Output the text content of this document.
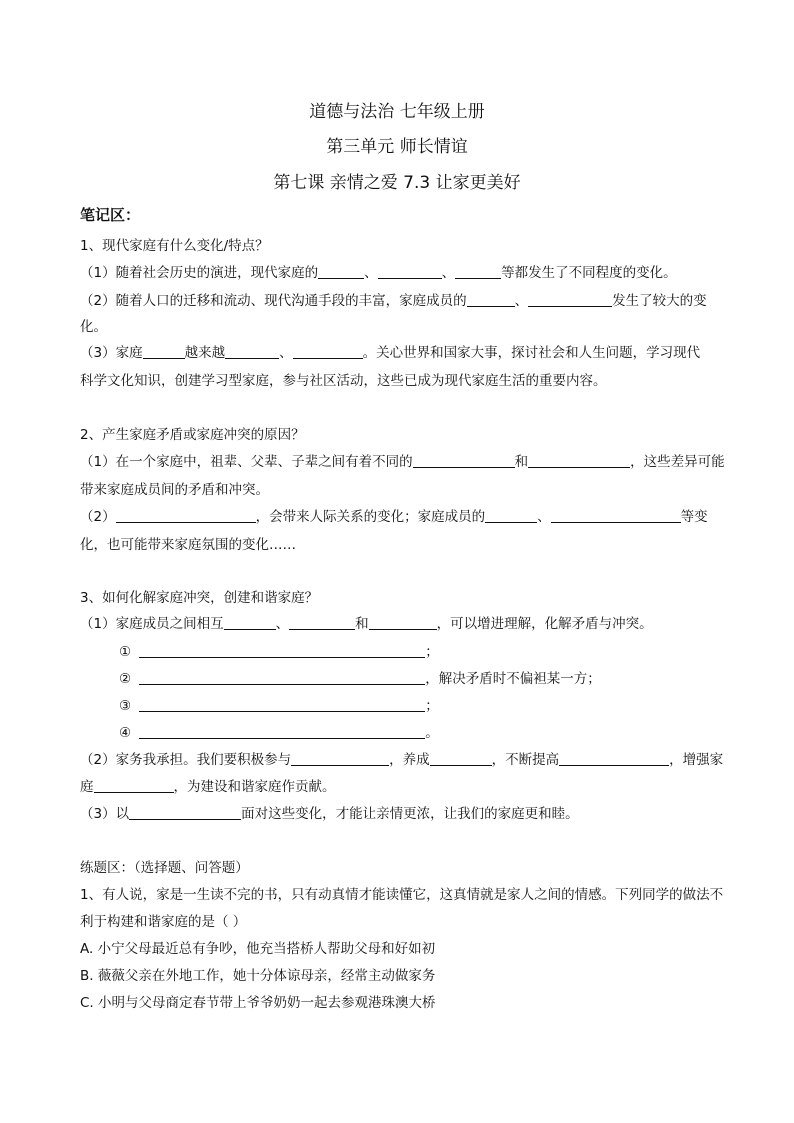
道德与法治 七年级上册
第三单元 师长情谊
第七课 亲情之爱 7.3 让家更美好
笔记区：
1、现代家庭有什么变化/特点？
（1）随着社会历史的演进，现代家庭的	、	、	等都发生了不同程度的变化。
（2）随着人口的迁移和流动、现代沟通手段的丰富，家庭成员的	、	发生了较大的变
化。
（3）家庭	越来越	、	。关心世界和国家大事，探讨社会和人生问题，学习现代
科学文化知识，创建学习型家庭，参与社区活动，这些已成为现代家庭生活的重要内容。
2、产生家庭矛盾或家庭冲突的原因？
（1）在一个家庭中，祖辈、父辈、子辈之间有着不同的	和	，这些差异可能
带来家庭成员间的矛盾和冲突。
（2）	，会带来人际关系的变化；家庭成员的	、	等变
化，也可能带来家庭氛围的变化……
3、如何化解家庭冲突，创建和谐家庭？
（1）家庭成员之间相互	、	和	，可以增进理解，化解矛盾与冲突。
①	；
②	，解决矛盾时不偏袒某一方；
③	；
④	。
（2）家务我承担。我们要积极参与	，养成	，不断提高	，增强家
庭	，为建设和谐家庭作贡献。
（3）以	面对这些变化，才能让亲情更浓，让我们的家庭更和睦。
练题区：（选择题、问答题）
1、有人说，家是一生读不完的书，只有动真情才能读懂它，这真情就是家人之间的情感。下列同学的做法不
利于构建和谐家庭的是（ ）
A. 小宁父母最近总有争吵，他充当搭桥人帮助父母和好如初
B. 薇薇父亲在外地工作，她十分体谅母亲，经常主动做家务
C. 小明与父母商定春节带上爷爷奶奶一起去参观港珠澳大桥
